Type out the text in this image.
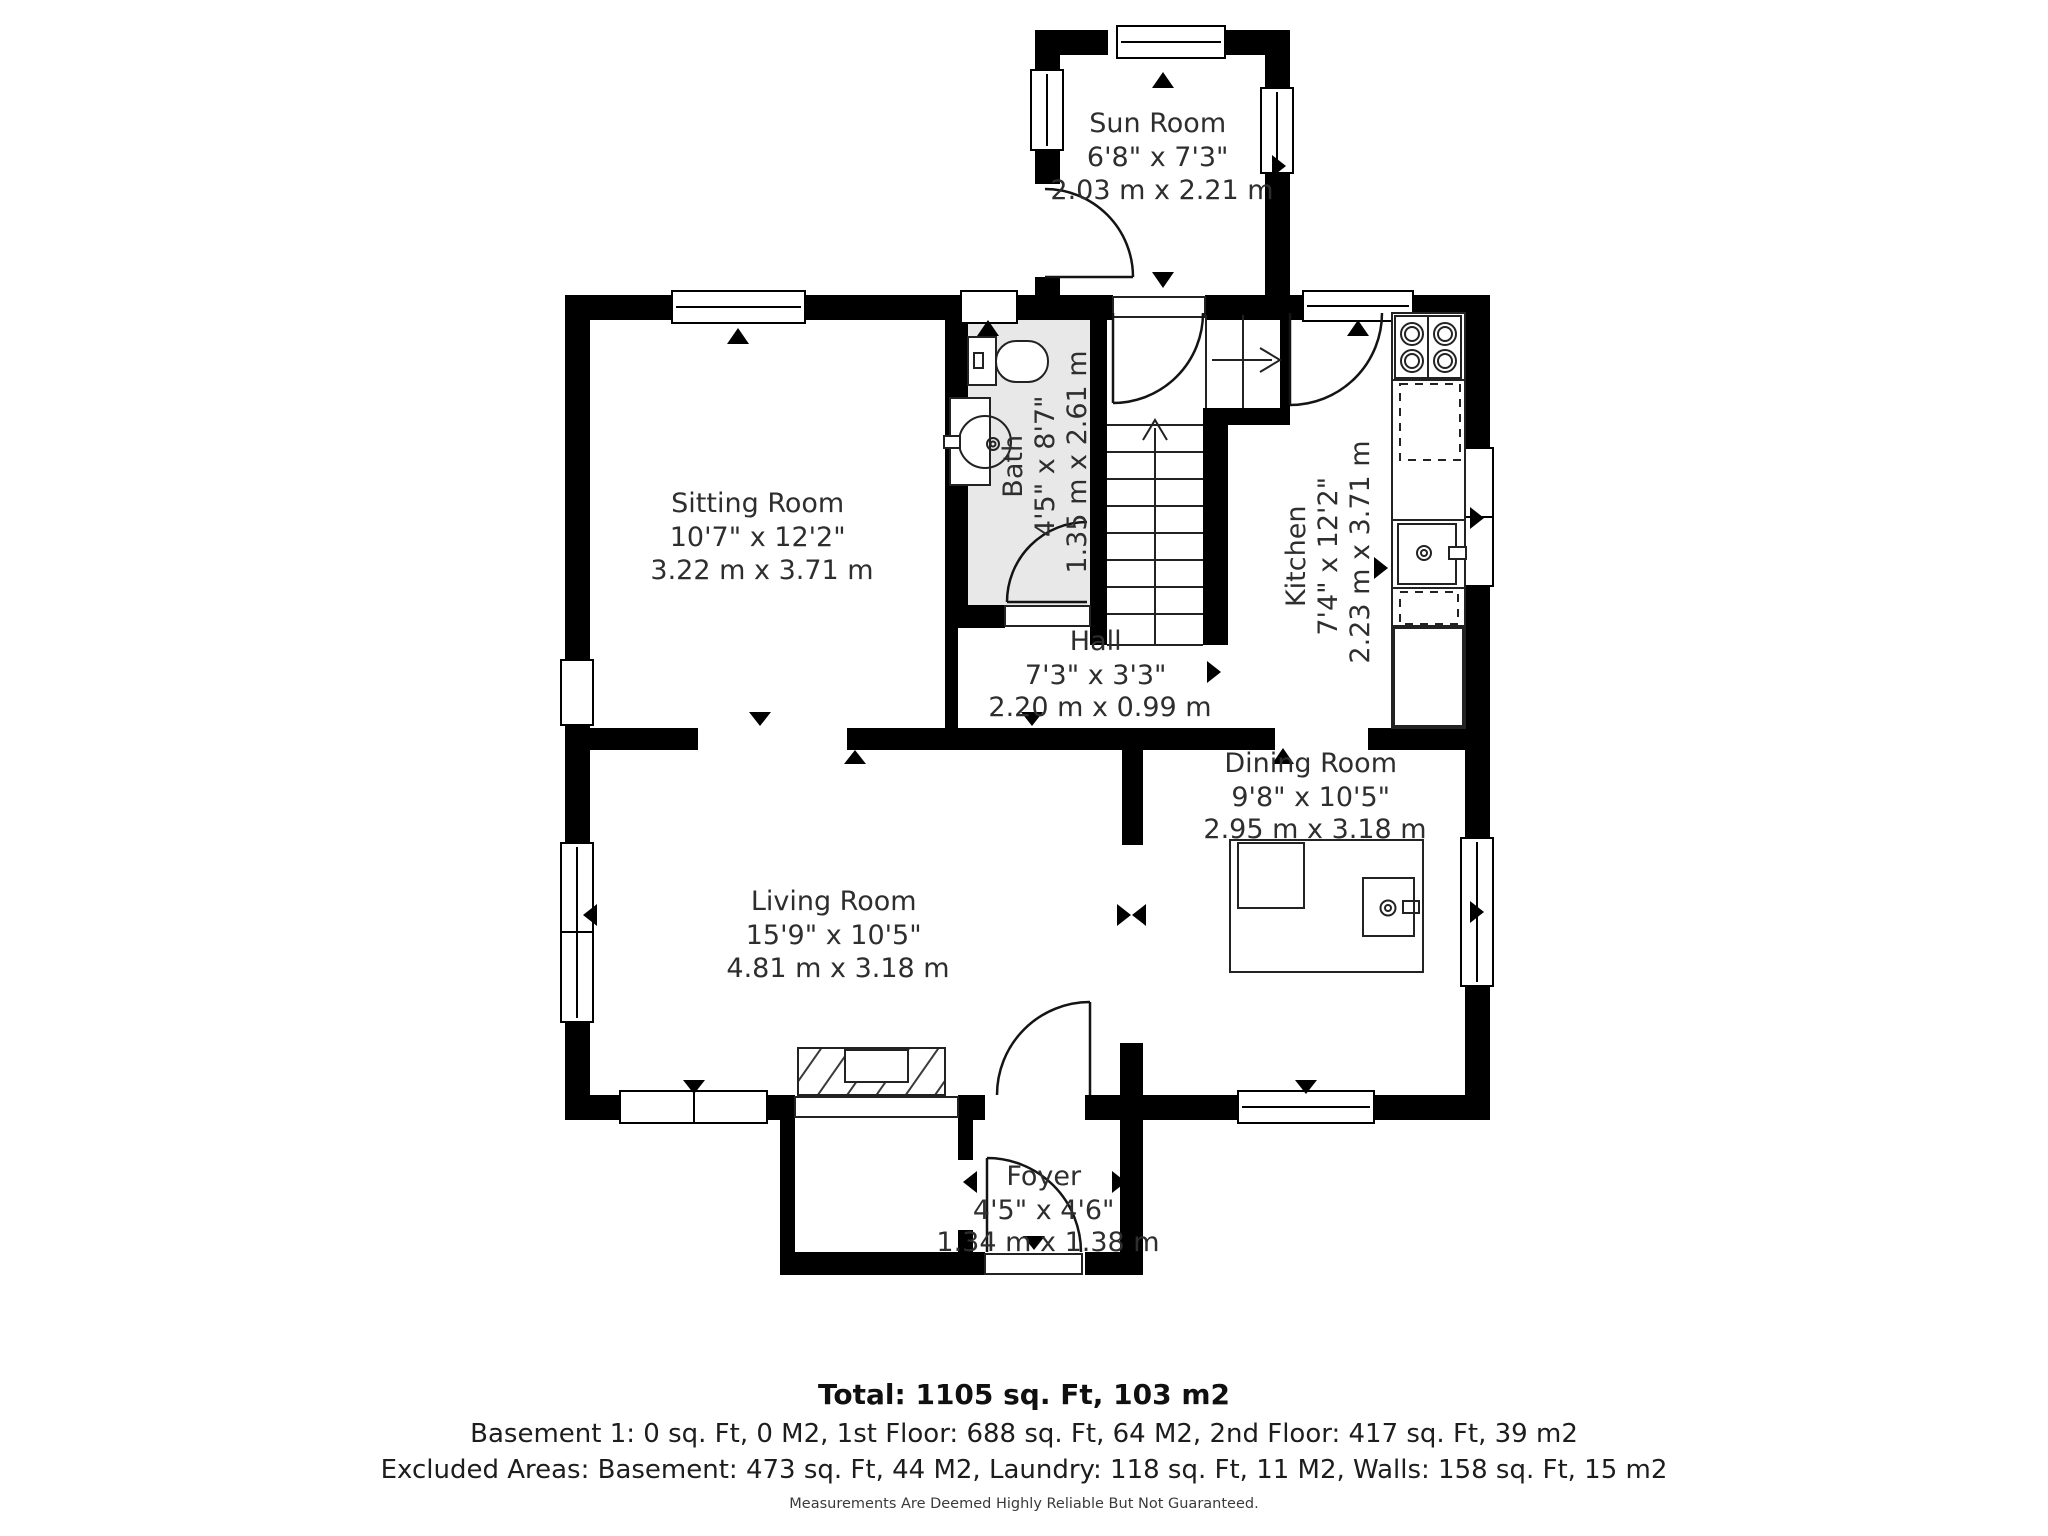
Sun Room 6'8" x 7'3" 2.03 m x 2.21 m
Sitting Room 10'7" x 12'2" 3.22 m x 3.71 m
Bath 4'5" x 8'7" 1.35 m x 2.61 m	Kitchen 7'4" x 12'2" 2.23 m x 3.71 m
Hall 7'3" x 3'3" 2.20 m x 0.99 m
Dining Room 9'8" x 10'5" 2.95 m x 3.18 m
Living Room 15'9" x 10'5" 4.81 m x 3.18 m
Foyer 4'5" x 4'6" 1.34 m x 1.38 m
Total: 1105 sq. Ft, 103 m2
Basement 1: 0 sq. Ft, 0 M2, 1st Floor: 688 sq. Ft, 64 M2, 2nd Floor: 417 sq. Ft, 39 m2
Excluded Areas: Basement: 473 sq. Ft, 44 M2, Laundry: 118 sq. Ft, 11 M2, Walls: 158 sq. Ft, 15 m2
Measurements Are Deemed Highly Reliable But Not Guaranteed.
